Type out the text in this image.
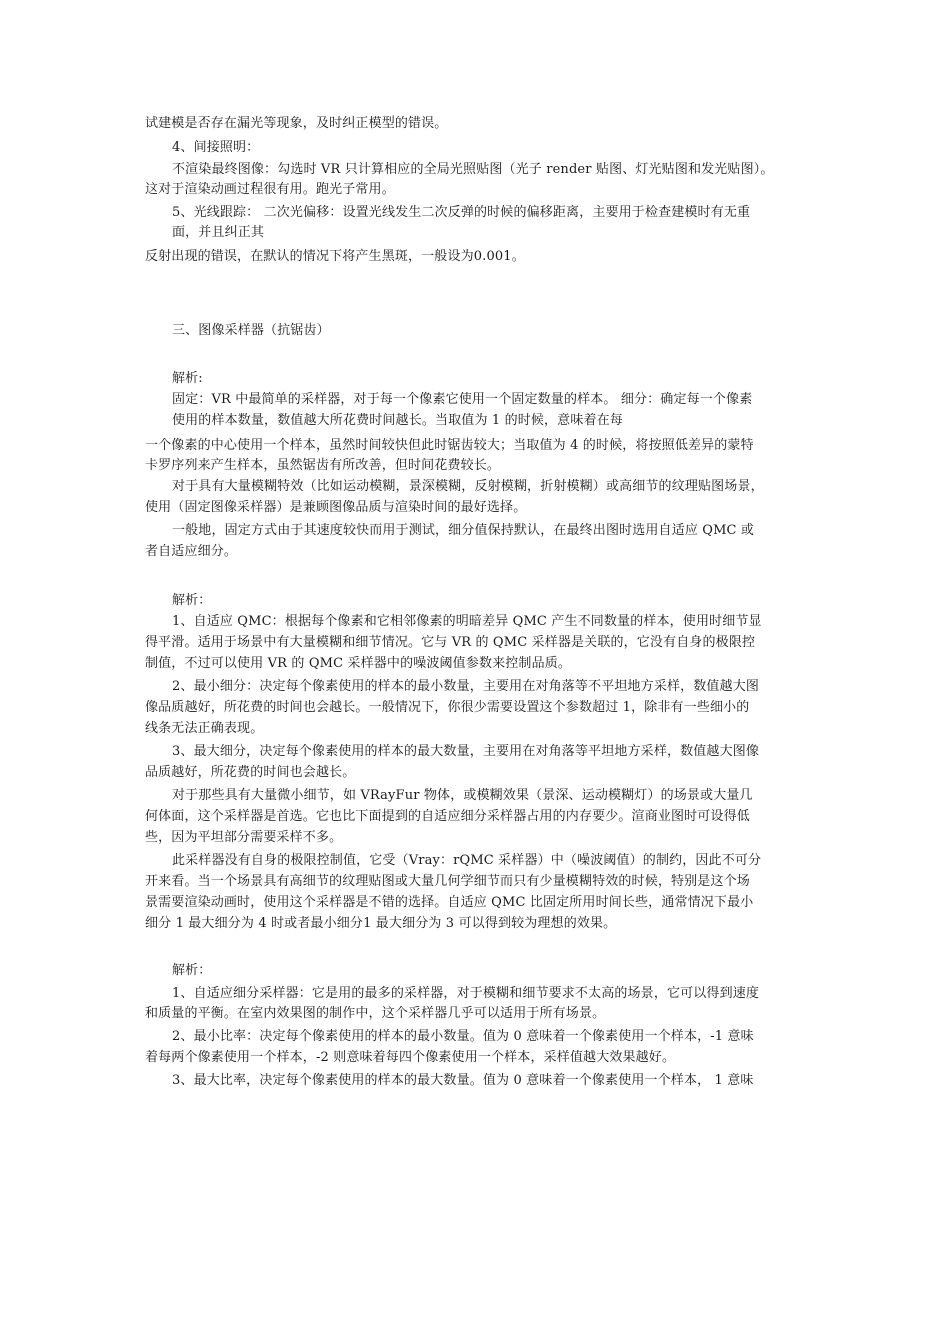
试建模是否存在漏光等现象，及时纠正模型的错误。
4、间接照明：
不渲染最终图像：勾选时 VR 只计算相应的全局光照贴图（光子 render 贴图、灯光贴图和发光贴图）。
这对于渲染动画过程很有用。跑光子常用。
5、光线跟踪： 二次光偏移：设置光线发生二次反弹的时候的偏移距离，主要用于检查建模时有无重
面，并且纠正其
反射出现的错误，在默认的情况下将产生黑斑，一般设为0.001。
三、图像采样器（抗锯齿）
解析:
固定：VR 中最简单的采样器，对于每一个像素它使用一个固定数量的样本。 细分：确定每一个像素
使用的样本数量，数值越大所花费时间越长。当取值为 1 的时候，意味着在每
一个像素的中心使用一个样本，虽然时间较快但此时锯齿较大；当取值为 4 的时候，将按照低差异的蒙特
卡罗序列来产生样本，虽然锯齿有所改善，但时间花费较长。
对于具有大量模糊特效（比如运动模糊，景深模糊，反射模糊，折射模糊）或高细节的纹理贴图场景，
使用（固定图像采样器）是兼顾图像品质与渲染时间的最好选择。
一般地，固定方式由于其速度较快而用于测试，细分值保持默认，在最终出图时选用自适应 QMC 或
者自适应细分。
解析：
1、自适应 QMC：根据每个像素和它相邻像素的明暗差异 QMC 产生不同数量的样本，使用时细节显
得平滑。适用于场景中有大量模糊和细节情况。它与 VR 的 QMC 采样器是关联的，它没有自身的极限控
制值，不过可以使用 VR 的 QMC 采样器中的噪波阈值参数来控制品质。
2、最小细分：决定每个像素使用的样本的最小数量，主要用在对角落等不平坦地方采样，数值越大图
像品质越好，所花费的时间也会越长。一般情况下，你很少需要设置这个参数超过 1，除非有一些细小的
线条无法正确表现。
3、最大细分，决定每个像素使用的样本的最大数量，主要用在对角落等平坦地方采样，数值越大图像
品质越好，所花费的时间也会越长。
对于那些具有大量微小细节，如 VRayFur 物体，或模糊效果（景深、运动模糊灯）的场景或大量几
何体面，这个采样器是首选。它也比下面提到的自适应细分采样器占用的内存要少。渲商业图时可设得低
些，因为平坦部分需要采样不多。
此采样器没有自身的极限控制值，它受（Vray：rQMC 采样器）中（噪波阈值）的制约，因此不可分
开来看。当一个场景具有高细节的纹理贴图或大量几何学细节而只有少量模糊特效的时候，特别是这个场
景需要渲染动画时，使用这个采样器是不错的选择。自适应 QMC 比固定所用时间长些，通常情况下最小
细分 1 最大细分为 4 时或者最小细分1 最大细分为 3 可以得到较为理想的效果。
解析：
1、自适应细分采样器：它是用的最多的采样器，对于模糊和细节要求不太高的场景，它可以得到速度
和质量的平衡。在室内效果图的制作中，这个采样器几乎可以适用于所有场景。
2、最小比率：决定每个像素使用的样本的最小数量。值为 0 意味着一个像素使用一个样本，-1 意味
着每两个像素使用一个样本，-2 则意味着每四个像素使用一个样本，采样值越大效果越好。
3、最大比率，决定每个像素使用的样本的最大数量。值为 0 意味着一个像素使用一个样本， 1 意味
